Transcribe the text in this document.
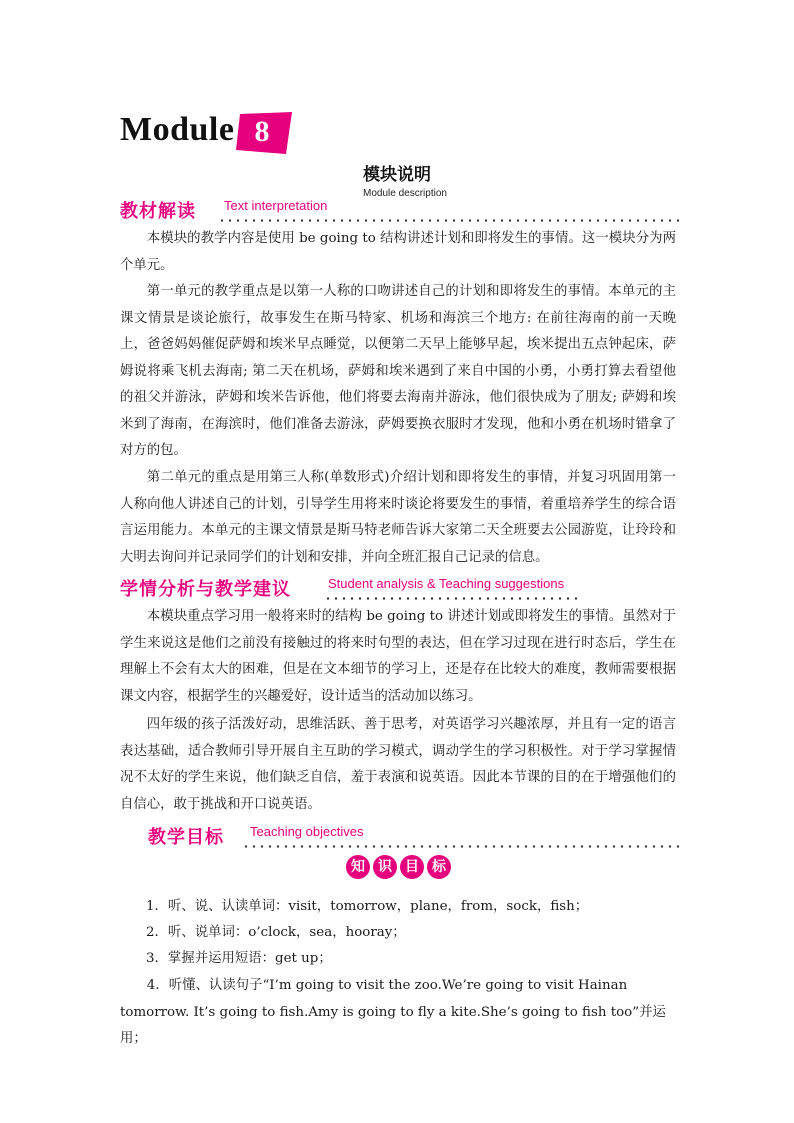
Module 8
模块说明
Module description
教材解读 Text interpretation

本模块的教学内容是使用 be going to 结构讲述计划和即将发生的事情。这一模块分为两个单元。

第一单元的教学重点是以第一人称的口吻讲述自己的计划和即将发生的事情。本单元的主课文情景是谈论旅行，故事发生在斯马特家、机场和海滨三个地方: 在前往海南的前一天晚上，爸爸妈妈催促萨姆和埃米早点睡觉，以便第二天早上能够早起，埃米提出五点钟起床，萨姆说将乘飞机去海南; 第二天在机场，萨姆和埃米遇到了来自中国的小勇，小勇打算去看望他的祖父并游泳，萨姆和埃米告诉他，他们将要去海南并游泳，他们很快成为了朋友; 萨姆和埃米到了海南，在海滨时，他们准备去游泳，萨姆要换衣服时才发现，他和小勇在机场时错拿了对方的包。

第二单元的重点是用第三人称(单数形式)介绍计划和即将发生的事情，并复习巩固用第一人称向他人讲述自己的计划，引导学生用将来时谈论将要发生的事情，着重培养学生的综合语言运用能力。本单元的主课文情景是斯马特老师告诉大家第二天全班要去公园游览，让玲玲和大明去询问并记录同学们的计划和安排，并向全班汇报自己记录的信息。

学情分析与教学建议	Student analysis & Teaching suggestions

本模块重点学习用一般将来时的结构 be going to 讲述计划或即将发生的事情。虽然对于学生来说这是他们之前没有接触过的将来时句型的表达，但在学习过现在进行时态后，学生在理解上不会有太大的困难，但是在文本细节的学习上，还是存在比较大的难度，教师需要根据课文内容，根据学生的兴趣爱好，设计适当的活动加以练习。

四年级的孩子活泼好动，思维活跃、善于思考，对英语学习兴趣浓厚，并且有一定的语言表达基础，适合教师引导开展自主互助的学习模式，调动学生的学习积极性。对于学习掌握情况不太好的学生来说，他们缺乏自信，羞于表演和说英语。因此本节课的目的在于增强他们的自信心，敢于挑战和开口说英语。

教学目标 Teaching objectives
知 识 目 标

1．听、说、认读单词：visit，tomorrow，plane，from，sock，fish；

2．听、说单词：o’clock，sea，hooray；

3．掌握并运用短语：get up；

4．听懂、认读句子“I’m going to visit the zoo.We’re going to visit Hainan tomorrow. It’s going to fish.Amy is going to fly a kite.She’s going to fish too”并运用；
